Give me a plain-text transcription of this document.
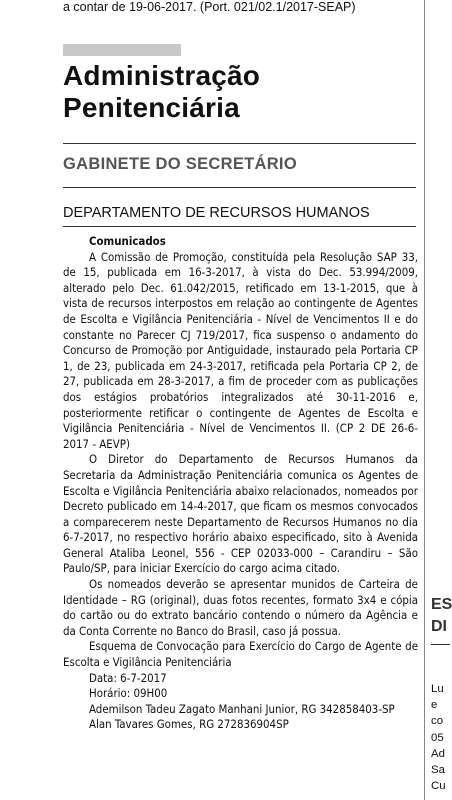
a contar de 19-06-2017. (Port. 021/02.1/2017-SEAP)
Administração
Penitenciária
GABINETE DO SECRETÁRIO
DEPARTAMENTO DE RECURSOS HUMANOS
Comunicados

A Comissão de Promoção, constituída pela Resolução SAP 33, de 15, publicada em 16-3-2017, à vista do Dec. 53.994/2009, alterado pelo Dec. 61.042/2015, retificado em 13-1-2015, que à vista de recursos interpostos em relação ao contingente de Agentes de Escolta e Vigilância Penitenciária - Nível de Vencimentos II e do constante no Parecer CJ 719/2017, fica suspenso o andamento do Concurso de Promoção por Antiguidade, instaurado pela Portaria CP 1, de 23, publicada em 24-3-2017, retificada pela Portaria CP 2, de 27, publicada em 28-3-2017, a fim de proceder com as publicações dos estágios probatórios integralizados até 30-11-2016 e, posteriormente retificar o contingente de Agentes de Escolta e Vigilância Penitenciária - Nível de Vencimentos II. (CP 2 DE 26-6-2017 - AEVP)

O Diretor do Departamento de Recursos Humanos da Secretaria da Administração Penitenciária comunica os Agentes de Escolta e Vigilância Penitenciária abaixo relacionados, nomeados por Decreto publicado em 14-4-2017, que ficam os mesmos convocados a comparecerem neste Departamento de Recursos Humanos no dia 6-7-2017, no respectivo horário abaixo especificado, sito à Avenida General Ataliba Leonel, 556 - CEP 02033-000 – Carandiru – São Paulo/SP, para iniciar Exercício do cargo acima citado.

Os nomeados deverão se apresentar munidos de Carteira de Identidade – RG (original), duas fotos recentes, formato 3x4 e cópia do cartão ou do extrato bancário contendo o número da Agência e da Conta Corrente no Banco do Brasil, caso já possua.

Esquema de Convocação para Exercício do Cargo de Agente de Escolta e Vigilância Penitenciária

Data: 6-7-2017

Horário: 09H00

Ademilson Tadeu Zagato Manhani Junior, RG 342858403-SP

Alan Tavares Gomes, RG 272836904SP

ES
DI
Lu
e
co
05
Ad
Sa
Cu
